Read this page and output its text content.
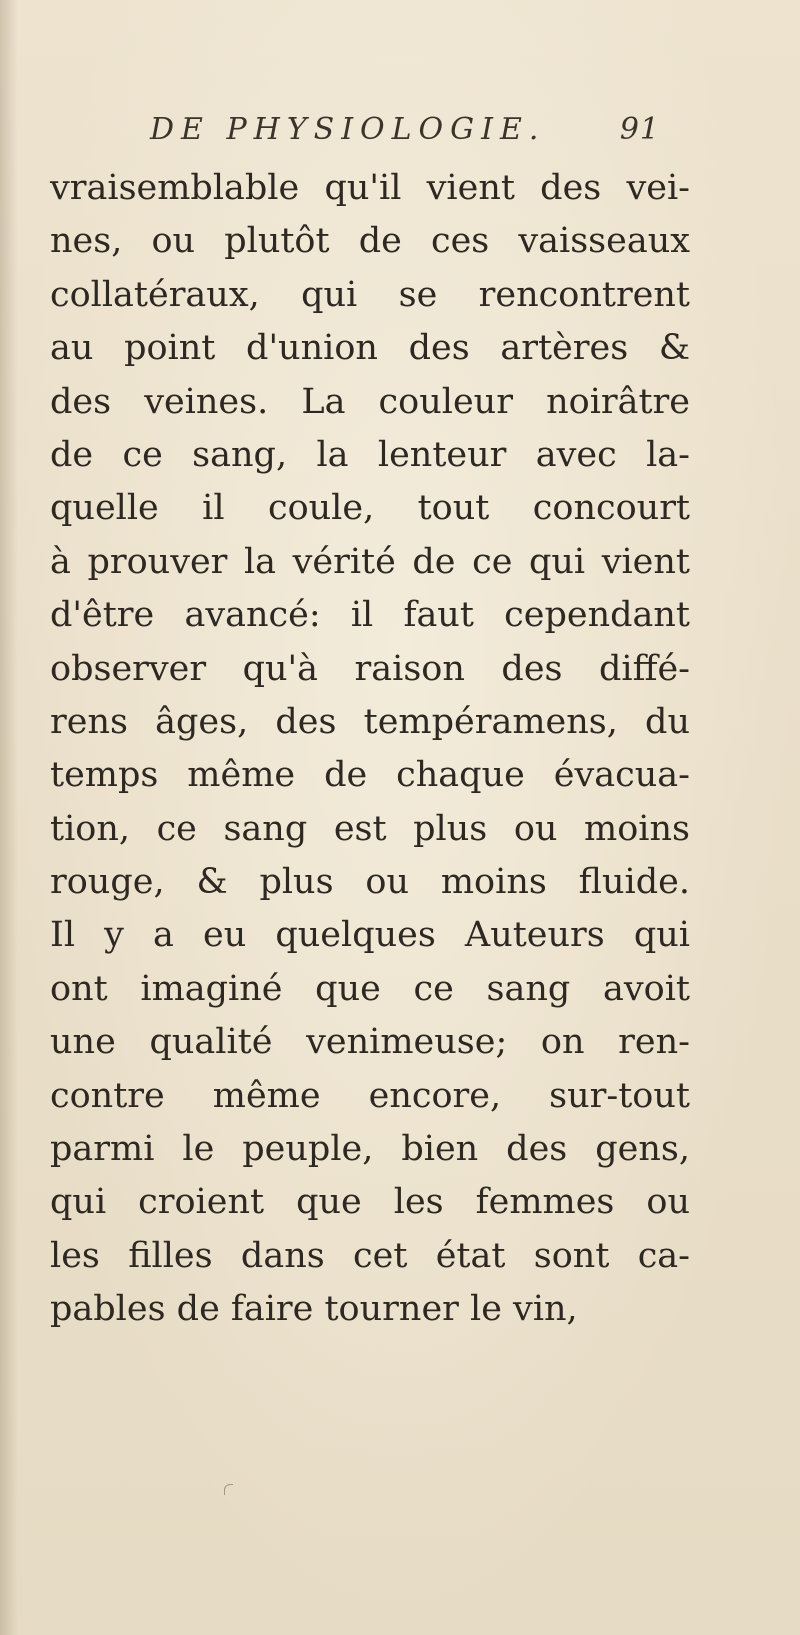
DE PHYSIOLOGIE. 91
vraisemblable qu'il vient des vei-
nes, ou plutôt de ces vaisseaux
collatéraux, qui se rencontrent
au point d'union des artères &
des veines. La couleur noirâtre
de ce sang, la lenteur avec la-
quelle il coule, tout concourt
à prouver la vérité de ce qui vient
d'être avancé: il faut cependant
observer qu'à raison des diffé-
rens âges, des tempéramens, du
temps même de chaque évacua-
tion, ce sang est plus ou moins
rouge, & plus ou moins fluide.
Il y a eu quelques Auteurs qui
ont imaginé que ce sang avoit
une qualité venimeuse; on ren-
contre même encore, sur-tout
parmi le peuple, bien des gens,
qui croient que les femmes ou
les filles dans cet état sont ca-
pables de faire tourner le vin,
